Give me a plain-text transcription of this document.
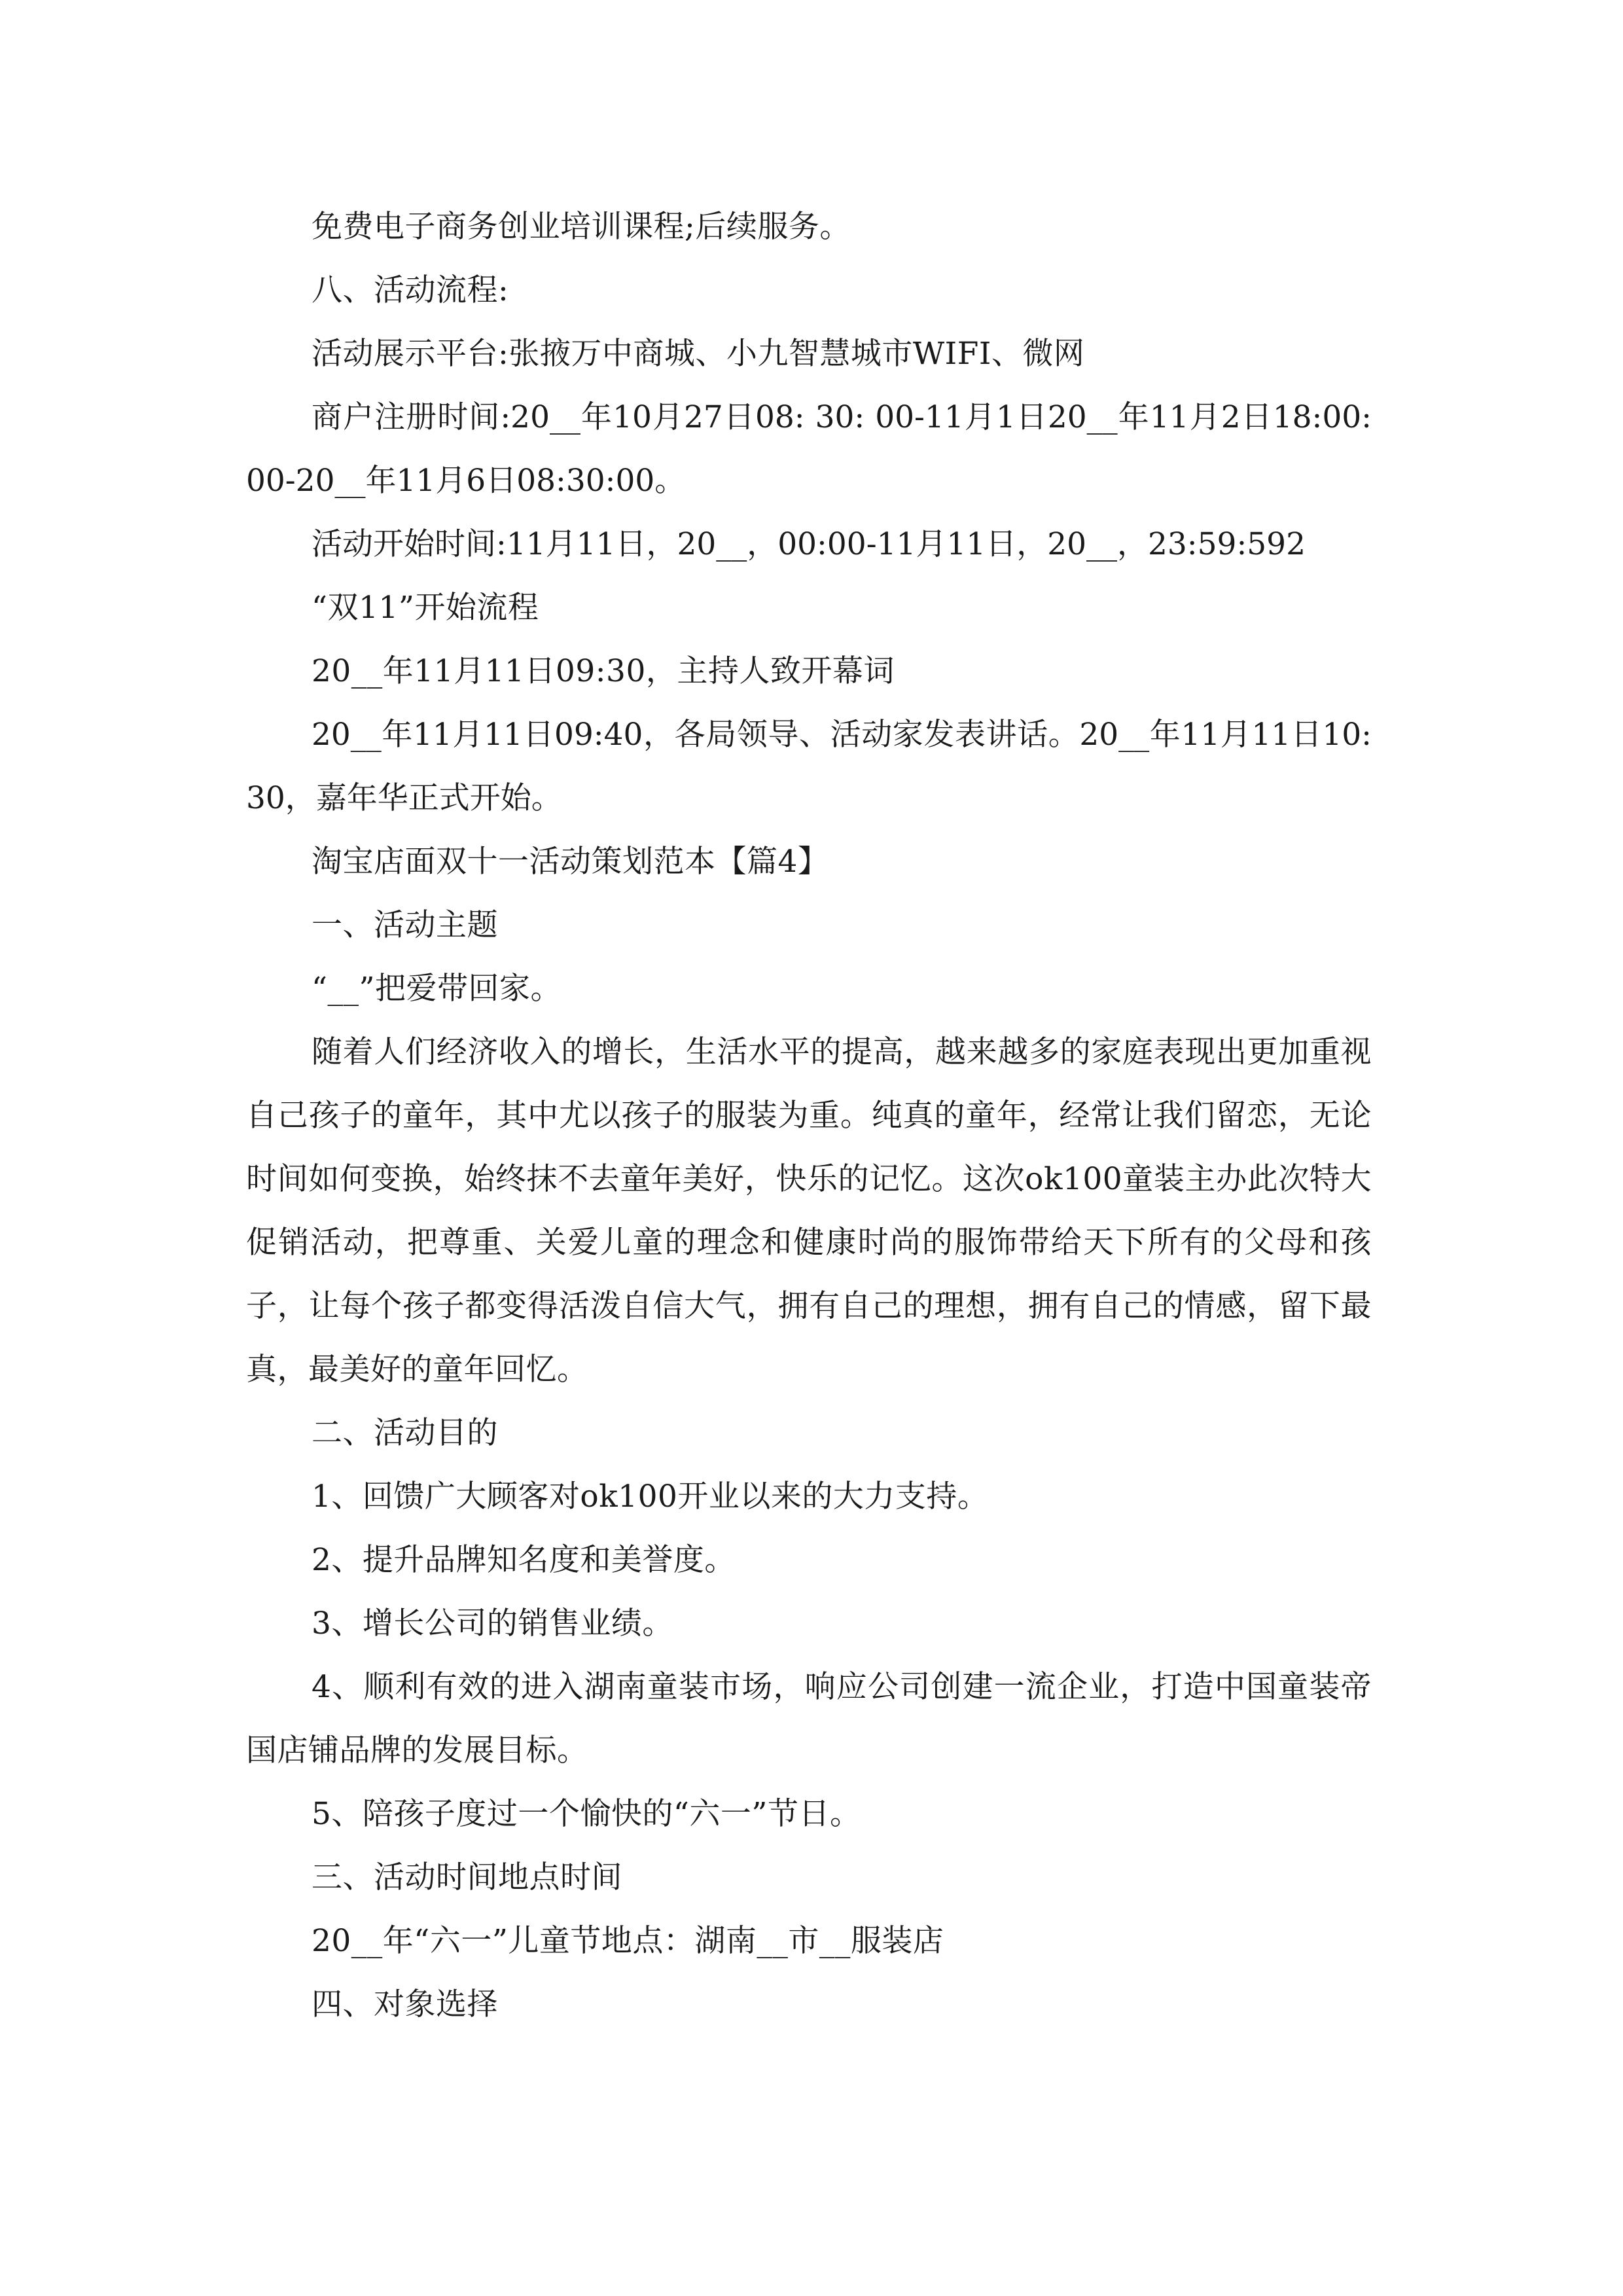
免费电子商务创业培训课程;后续服务。

八、活动流程:

活动展示平台:张掖万中商城、小九智慧城市WIFI、微网

商户注册时间:20__年10月27日08: 30: 00-11月1日20__年11月2日18:00:00-20__年11月6日08:30:00。

活动开始时间:11月11日，20__，00:00-11月11日，20__，23:59:592

“双11”开始流程

20__年11月11日09:30，主持人致开幕词

20__年11月11日09:40，各局领导、活动家发表讲话。20__年11月11日10:30，嘉年华正式开始。

淘宝店面双十一活动策划范本【篇4】

一、活动主题

“__”把爱带回家。

随着人们经济收入的增长，生活水平的提高，越来越多的家庭表现出更加重视自己孩子的童年，其中尤以孩子的服装为重。纯真的童年，经常让我们留恋，无论时间如何变换，始终抹不去童年美好，快乐的记忆。这次ok100童装主办此次特大促销活动，把尊重、关爱儿童的理念和健康时尚的服饰带给天下所有的父母和孩子，让每个孩子都变得活泼自信大气，拥有自己的理想，拥有自己的情感，留下最真，最美好的童年回忆。

二、活动目的

1、回馈广大顾客对ok100开业以来的大力支持。

2、提升品牌知名度和美誉度。

3、增长公司的销售业绩。

4、顺利有效的进入湖南童装市场，响应公司创建一流企业，打造中国童装帝国店铺品牌的发展目标。

5、陪孩子度过一个愉快的“六一”节日。

三、活动时间地点时间

20__年“六一”儿童节地点：湖南__市__服装店

四、对象选择
